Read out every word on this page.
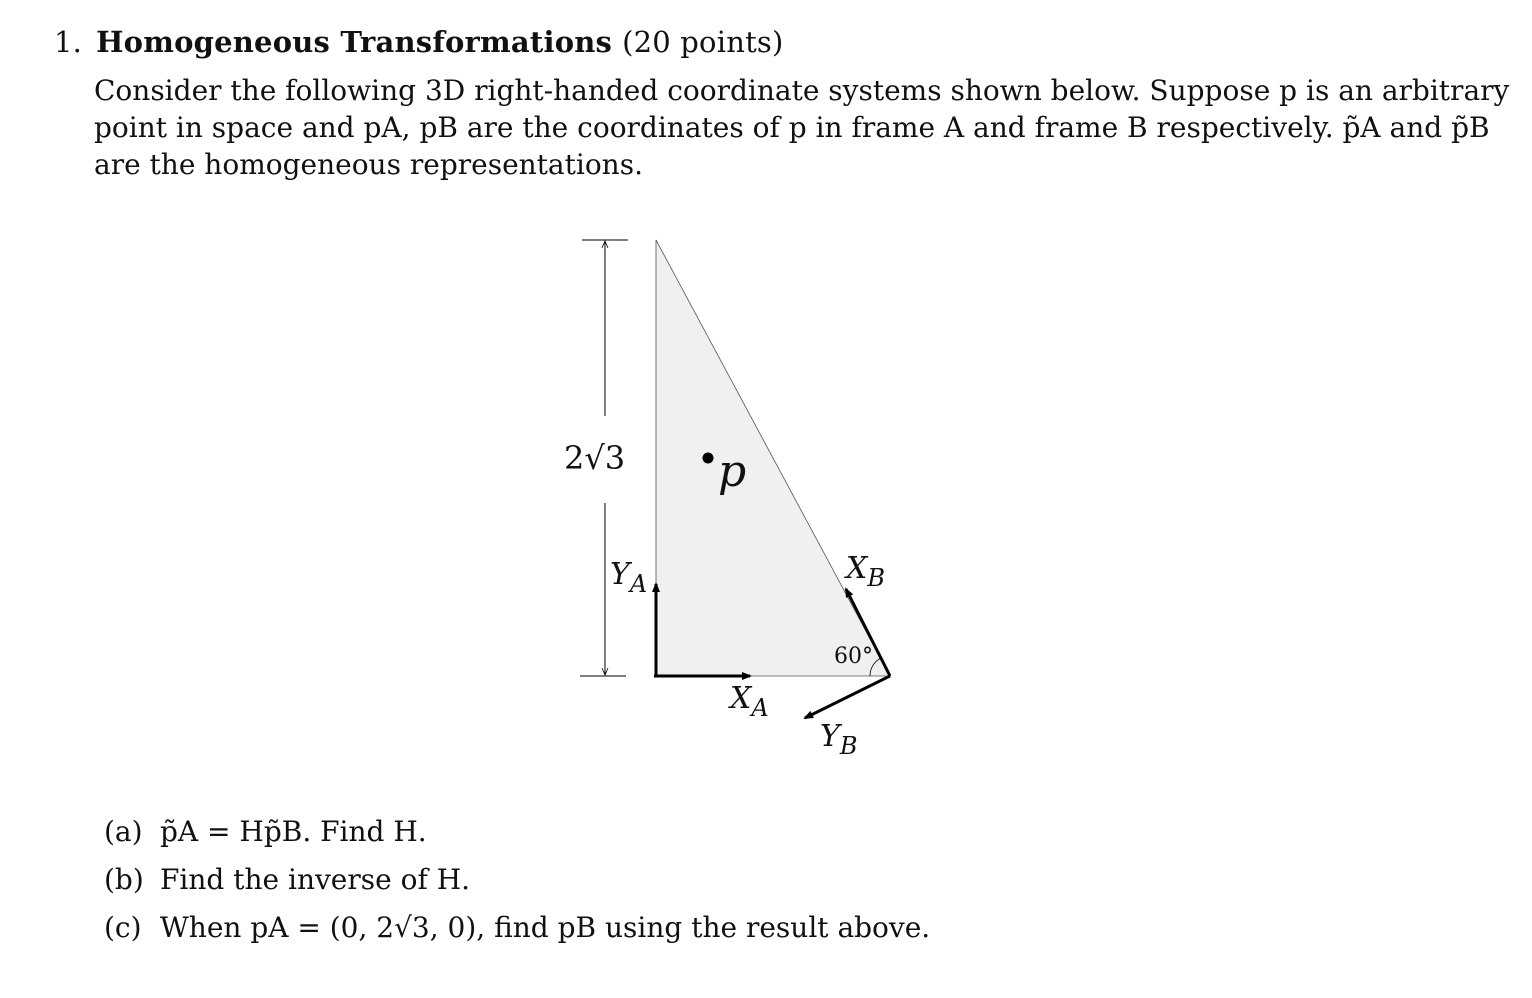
1. Homogeneous Transformations (20 points)
Consider the following 3D right-handed coordinate systems shown below. Suppose p is an arbitrary
point in space and pA, pB are the coordinates of p in frame A and frame B respectively. p̃A and p̃B
are the homogeneous representations.
2√3 p
$Y_A$
$X_A$
$X_B$
$Y_B$
60°
(a) p̃A = Hp̃B. Find H.
(b) Find the inverse of H.
(c) When pA = (0, 2√3, 0), find pB using the result above.
